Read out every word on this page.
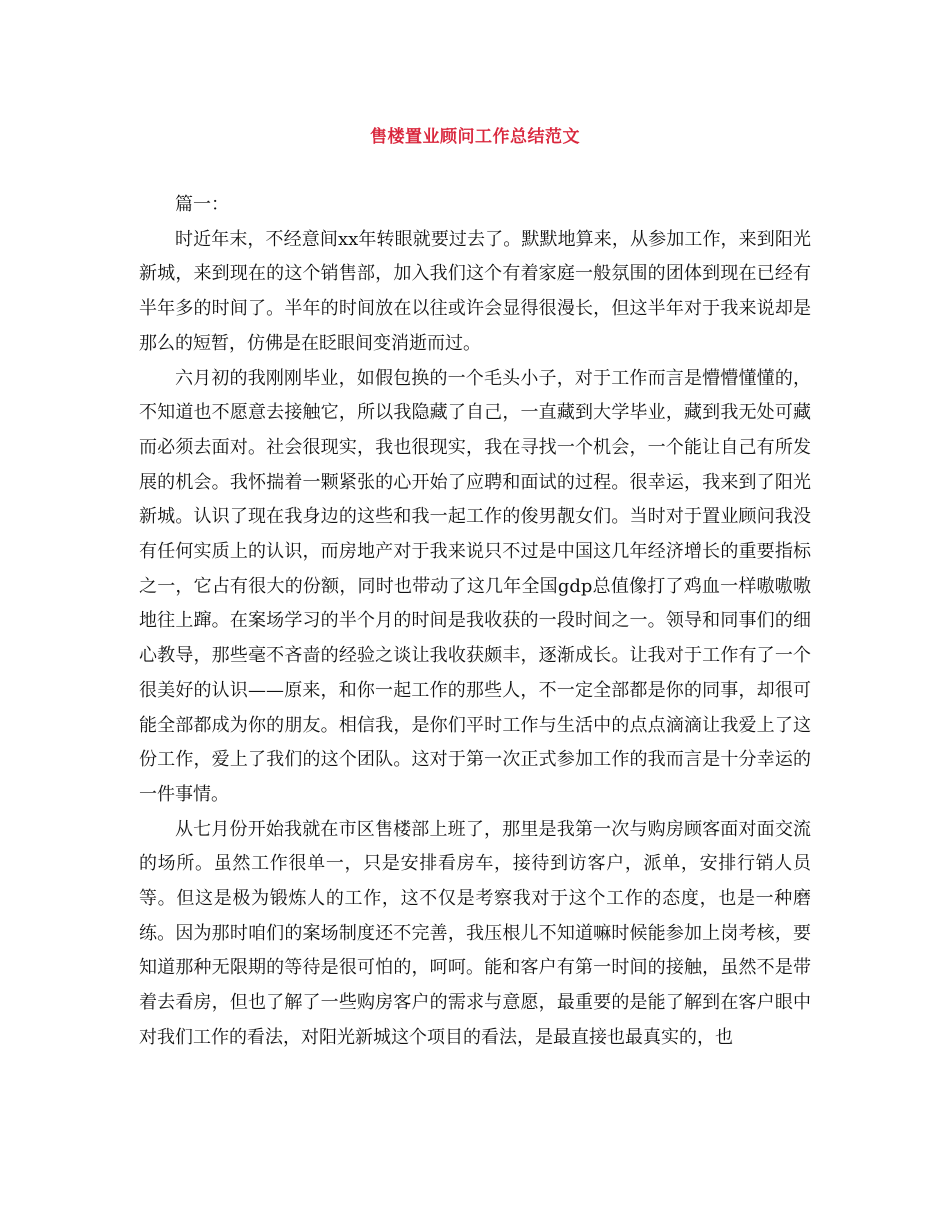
售楼置业顾问工作总结范文

篇一：

时近年末，不经意间xx年转眼就要过去了。默默地算来，从参加工作，来到阳光新城，来到现在的这个销售部，加入我们这个有着家庭一般氛围的团体到现在已经有半年多的时间了。半年的时间放在以往或许会显得很漫长，但这半年对于我来说却是那么的短暂，仿佛是在眨眼间变消逝而过。

六月初的我刚刚毕业，如假包换的一个毛头小子，对于工作而言是懵懵懂懂的，不知道也不愿意去接触它，所以我隐藏了自己，一直藏到大学毕业，藏到我无处可藏而必须去面对。社会很现实，我也很现实，我在寻找一个机会，一个能让自己有所发展的机会。我怀揣着一颗紧张的心开始了应聘和面试的过程。很幸运，我来到了阳光新城。认识了现在我身边的这些和我一起工作的俊男靓女们。当时对于置业顾问我没有任何实质上的认识，而房地产对于我来说只不过是中国这几年经济增长的重要指标之一，它占有很大的份额，同时也带动了这几年全国gdp总值像打了鸡血一样嗷嗷嗷地往上蹿。在案场学习的半个月的时间是我收获的一段时间之一。领导和同事们的细心教导，那些毫不吝啬的经验之谈让我收获颇丰，逐渐成长。让我对于工作有了一个很美好的认识——原来，和你一起工作的那些人，不一定全部都是你的同事，却很可能全部都成为你的朋友。相信我，是你们平时工作与生活中的点点滴滴让我爱上了这份工作，爱上了我们的这个团队。这对于第一次正式参加工作的我而言是十分幸运的一件事情。

从七月份开始我就在市区售楼部上班了，那里是我第一次与购房顾客面对面交流的场所。虽然工作很单一，只是安排看房车，接待到访客户，派单，安排行销人员等。但这是极为锻炼人的工作，这不仅是考察我对于这个工作的态度，也是一种磨练。因为那时咱们的案场制度还不完善，我压根儿不知道嘛时候能参加上岗考核，要知道那种无限期的等待是很可怕的，呵呵。能和客户有第一时间的接触，虽然不是带着去看房，但也了解了一些购房客户的需求与意愿，最重要的是能了解到在客户眼中对我们工作的看法，对阳光新城这个项目的看法，是最直接也最真实的，也
